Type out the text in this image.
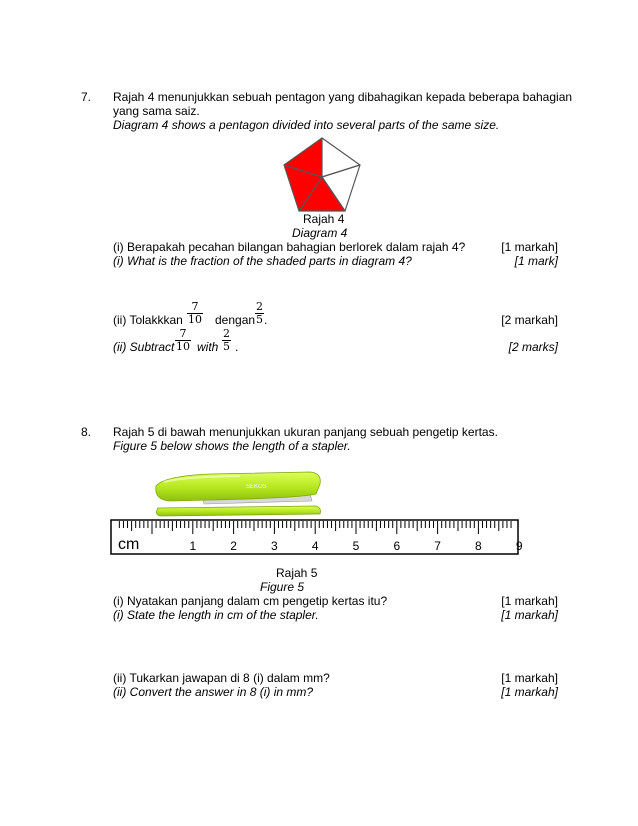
7. Rajah 4 menunjukkan sebuah pentagon yang dibahagikan kepada beberapa bahagian
yang sama saiz.
Diagram 4 shows a pentagon divided into several parts of the same size.
Rajah 4
Diagram 4
(i) Berapakah pecahan bilangan bahagian berlorek dalam rajah 4?	[1 markah]
(i) What is the fraction of the shaded parts in diagram 4?	[1 mark]
(ii) Tolakkkan
7
10 dengan
2
5 .	[2 markah]
(ii) Subtract
7
10 with
2
5 .	[2 marks]
8. Rajah 5 di bawah menunjukkan ukuran panjang sebuah pengetip kertas.
Figure 5 below shows the length of a stapler.
SEKOS
1	2	3	4	5	6	7	8	9
cm
Rajah 5
Figure 5
(i) Nyatakan panjang dalam cm pengetip kertas itu?	[1 markah]
(i) State the length in cm of the stapler.	[1 markah]
(ii) Tukarkan jawapan di 8 (i) dalam mm?	[1 markah]
(ii) Convert the answer in 8 (i) in mm?	[1 markah]
